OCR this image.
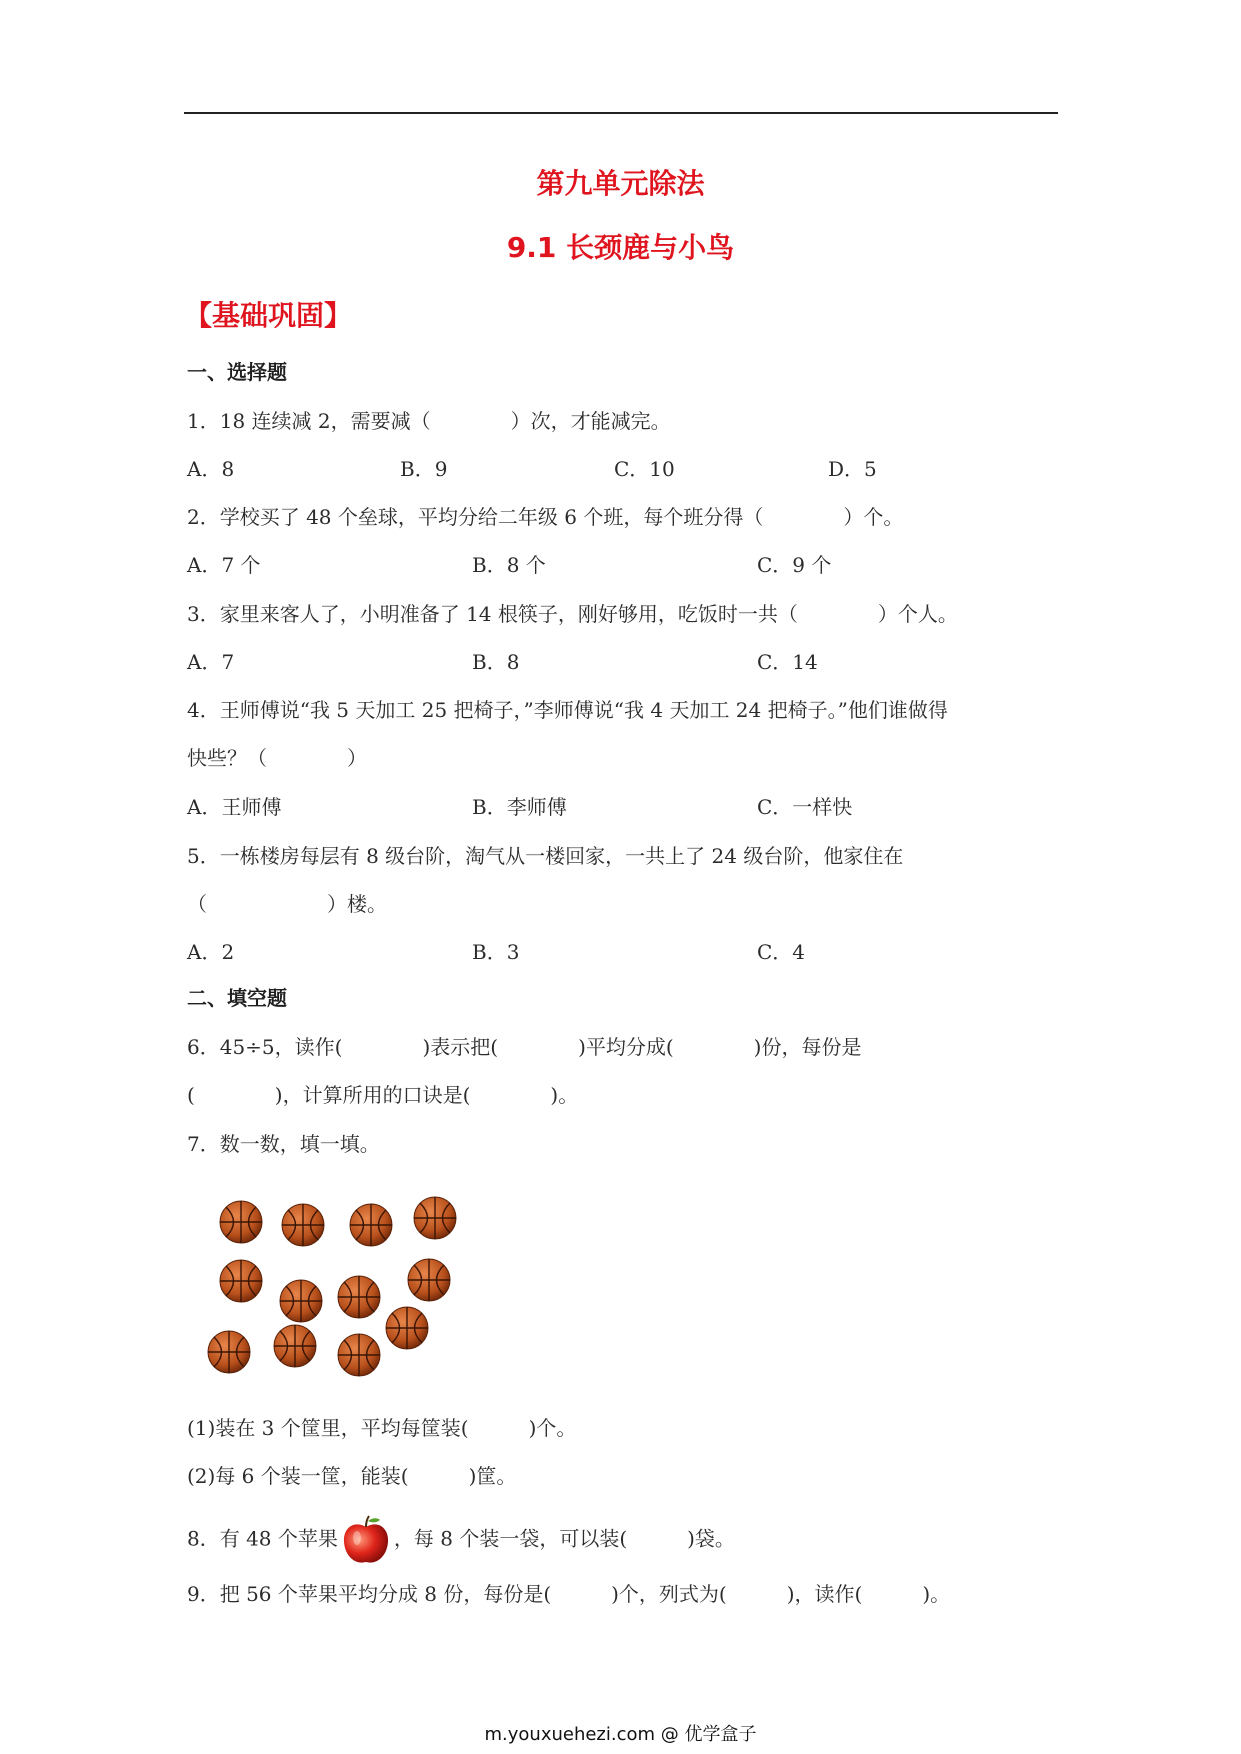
第九单元除法
9.1 长颈鹿与小鸟
【基础巩固】
一、选择题
1．18 连续减 2，需要减（　　　　）次，才能减完。
A．8	B．9	C．10	D．5
2．学校买了 48 个垒球，平均分给二年级 6 个班，每个班分得（　　　　）个。
A．7 个	B．8 个	C．9 个
3．家里来客人了，小明准备了 14 根筷子，刚好够用，吃饭时一共（　　　　）个人。
A．7	B．8	C．14
4．王师傅说“我 5 天加工 25 把椅子，”李师傅说“我 4 天加工 24 把椅子。”他们谁做得
快些？（　　　　）
A．王师傅	B．李师傅	C．一样快
5．一栋楼房每层有 8 级台阶，淘气从一楼回家，一共上了 24 级台阶，他家住在
（　　　　　　）楼。
A．2	B．3	C．4
二、填空题
6．45÷5，读作(　　　　)表示把(　　　　)平均分成(　　　　)份，每份是
(　　　　)，计算所用的口诀是(　　　　)。
7．数一数，填一填。
(1)装在 3 个筐里，平均每筐装(　　　)个。
(2)每 6 个装一筐，能装(　　　)筐。
8．有 48 个苹果	，每 8 个装一袋，可以装(　　　)袋。
9．把 56 个苹果平均分成 8 份，每份是(　　　)个，列式为(　　　)，读作(　　　)。
m.youxuehezi.com @ 优学盒子
